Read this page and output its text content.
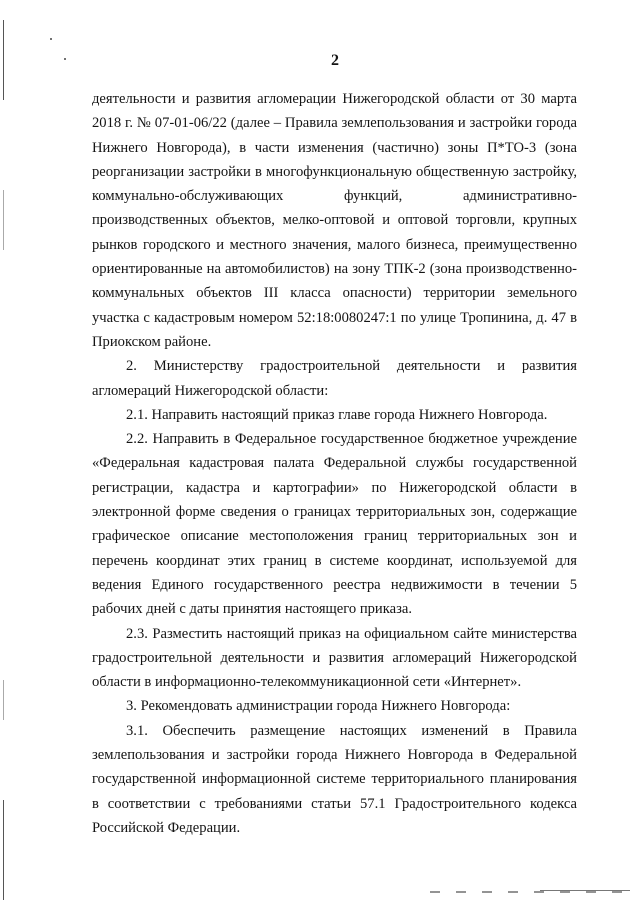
2

деятельности и развития агломерации Нижегородской области от 30 марта 2018 г. № 07-01-06/22 (далее – Правила землепользования и застройки города Нижнего Новгорода), в части изменения (частично) зоны П*ТО-3 (зона реорганизации застройки в многофункциональную общественную застройку, коммунально-обслуживающих функций, административно-производственных объектов, мелко-оптовой и оптовой торговли, крупных рынков городского и местного значения, малого бизнеса, преимущественно ориентированные на автомобилистов) на зону ТПК-2 (зона производственно-коммунальных объектов III класса опасности) территории земельного участка с кадастровым номером 52:18:0080247:1 по улице Тропинина, д. 47 в Приокском районе.

2. Министерству градостроительной деятельности и развития агломераций Нижегородской области:

2.1. Направить настоящий приказ главе города Нижнего Новгорода.

2.2. Направить в Федеральное государственное бюджетное учреждение «Федеральная кадастровая палата Федеральной службы государственной регистрации, кадастра и картографии» по Нижегородской области в электронной форме сведения о границах территориальных зон, содержащие графическое описание местоположения границ территориальных зон и перечень координат этих границ в системе координат, используемой для ведения Единого государственного реестра недвижимости в течении 5 рабочих дней с даты принятия настоящего приказа.

2.3. Разместить настоящий приказ на официальном сайте министерства градостроительной деятельности и развития агломераций Нижегородской области в информационно-телекоммуникационной сети «Интернет».

3. Рекомендовать администрации города Нижнего Новгорода:

3.1. Обеспечить размещение настоящих изменений в Правила землепользования и застройки города Нижнего Новгорода в Федеральной государственной информационной системе территориального планирования в соответствии с требованиями статьи 57.1 Градостроительного кодекса Российской Федерации.
